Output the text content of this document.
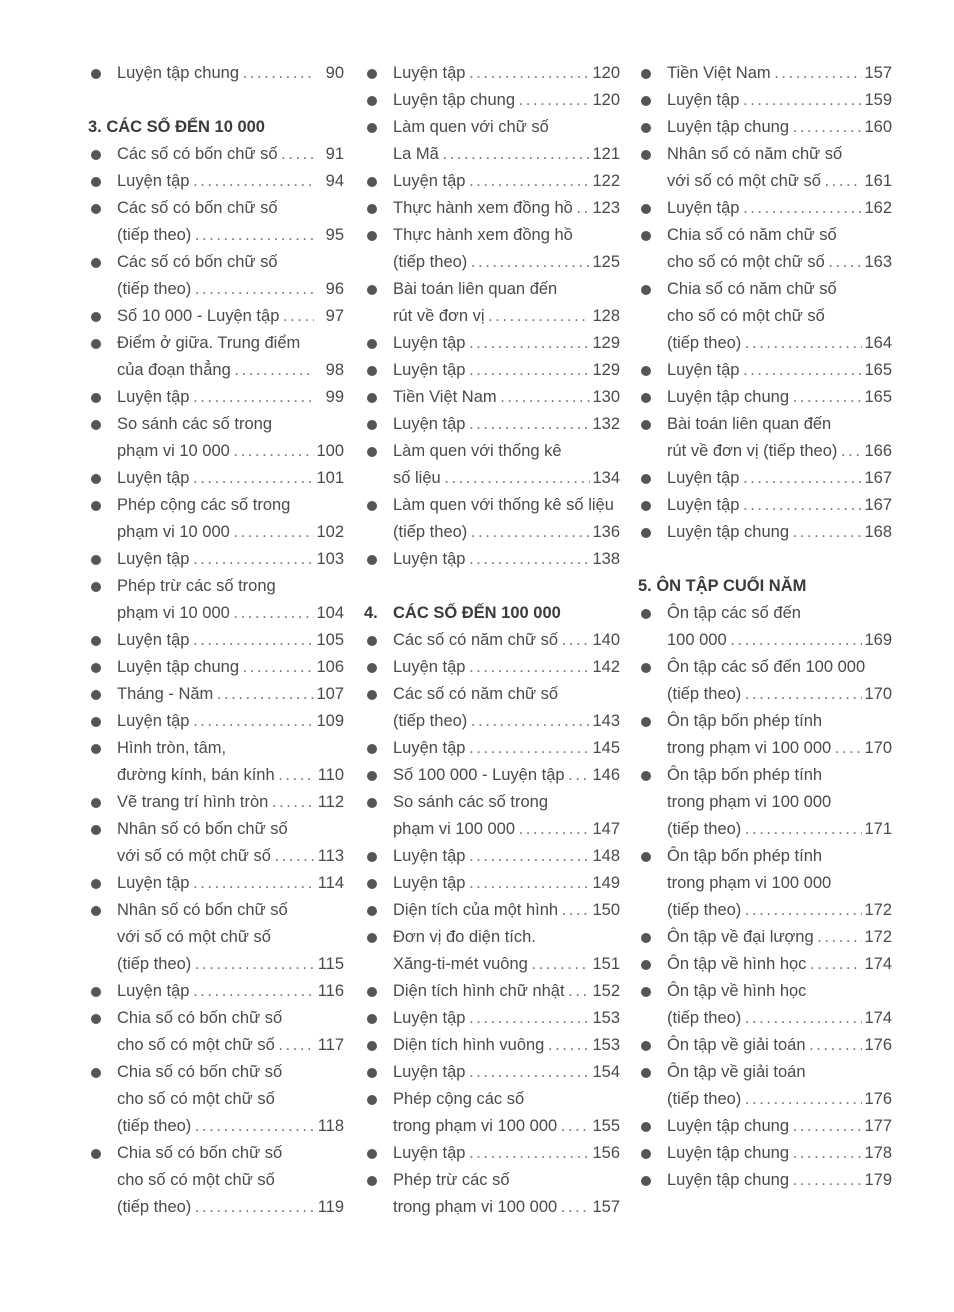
Luyện tập chung . . .	90
3. CÁC SỐ ĐẾN 10 000
Các số có bốn chữ số . . .	91
Luyện tập . . .	94
Các số có bốn chữ số
(tiếp theo) . . .	95
Các số có bốn chữ số
(tiếp theo) . . .	96
Số 10 000 - Luyện tập . . .	97
Điểm ở giữa. Trung điểm
của đoạn thẳng . . .	98
Luyện tập . . .	99
So sánh các số trong
phạm vi 10 000 . . .	100
Luyện tập . . .	101
Phép cộng các số trong
phạm vi 10 000 . . .	102
Luyện tập . . .	103
Phép trừ các số trong
phạm vi 10 000 . . .	104
Luyện tập . . .	105
Luyện tập chung . . .	106
Tháng - Năm . . .	107
Luyện tập . . .	109
Hình tròn, tâm,
đường kính, bán kính . . .	110
Vẽ trang trí hình tròn . . .	112
Nhân số có bốn chữ số
với số có một chữ số . . .	113
Luyện tập . . .	114
Nhân số có bốn chữ số
với số có một chữ số
(tiếp theo) . . .	115
Luyện tập . . .	116
Chia số có bốn chữ số
cho số có một chữ số . . .	117
Chia số có bốn chữ số
cho số có một chữ số
(tiếp theo) . . .	118
Chia số có bốn chữ số
cho số có một chữ số
(tiếp theo) . . .	119
Luyện tập . . .	120
Luyện tập chung . . .	120
Làm quen với chữ số
La Mã . . .	121
Luyện tập . . .	122
Thực hành xem đồng hồ . . .	123
Thực hành xem đồng hồ
(tiếp theo) . . .	125
Bài toán liên quan đến
rút về đơn vị . . .	128
Luyện tập . . .	129
Luyện tập . . .	129
Tiền Việt Nam . . .	130
Luyện tập . . .	132
Làm quen với thống kê
số liệu . . .	134
Làm quen với thống kê số liệu
(tiếp theo) . . .	136
Luyện tập . . .	138
4. CÁC SỐ ĐẾN 100 000
Các số có năm chữ số . . .	140
Luyện tập . . .	142
Các số có năm chữ số
(tiếp theo) . . .	143
Luyện tập . . .	145
Số 100 000 - Luyện tập . . .	146
So sánh các số trong
phạm vi 100 000 . . .	147
Luyện tập . . .	148
Luyện tập . . .	149
Diện tích của một hình . . .	150
Đơn vị đo diện tích.
Xăng-ti-mét vuông . . .	151
Diện tích hình chữ nhật . . .	152
Luyện tập . . .	153
Diện tích hình vuông . . .	153
Luyện tập . . .	154
Phép cộng các số
trong phạm vi 100 000 . . .	155
Luyện tập . . .	156
Phép trừ các số
trong phạm vi 100 000 . . .	157
Tiền Việt Nam . . .	157
Luyện tập . . .	159
Luyện tập chung . . .	160
Nhân số có năm chữ số
với số có một chữ số . . .	161
Luyện tập . . .	162
Chia số có năm chữ số
cho số có một chữ số . . .	163
Chia số có năm chữ số
cho số có một chữ số
(tiếp theo) . . .	164
Luyện tập . . .	165
Luyện tập chung . . .	165
Bài toán liên quan đến
rút về đơn vị (tiếp theo) . . .	166
Luyện tập . . .	167
Luyện tập . . .	167
Luyện tập chung . . .	168
5. ÔN TẬP CUỐI NĂM
Ôn tập các số đến
100 000 . . .	169
Ôn tập các số đến 100 000
(tiếp theo) . . .	170
Ôn tập bốn phép tính
trong phạm vi 100 000 . . .	170
Ôn tập bốn phép tính
trong phạm vi 100 000
(tiếp theo) . . .	171
Ôn tập bốn phép tính
trong phạm vi 100 000
(tiếp theo) . . .	172
Ôn tập về đại lượng . . .	172
Ôn tập về hình học . . .	174
Ôn tập về hình học
(tiếp theo) . . .	174
Ôn tập về giải toán . . .	176
Ôn tập về giải toán
(tiếp theo) . . .	176
Luyện tập chung . . .	177
Luyện tập chung . . .	178
Luyện tập chung . . .	179
